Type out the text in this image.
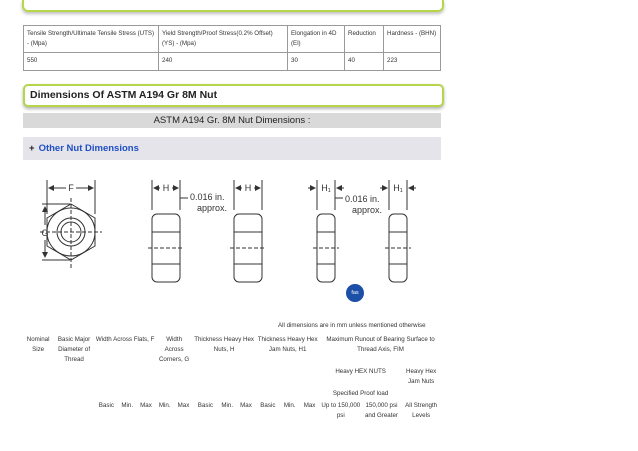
Tensile Strength/Ultimate Tensile Stress (UTS) - (Mpa)	Yield Strength/Proof Stress(0.2% Offset) (YS) - (Mpa)	Elongation in 4D (El)	Reduction	Hardness - (BHN)
550	240	30	40	223
Dimensions Of ASTM A194 Gr 8M Nut
ASTM A194 Gr. 8M Nut Dimensions :
+ Other Nut Dimensions
F
G
H	H
0.016 in.
approx.
H₁	H₁
0.016 in.
approx.
fas
All dimensions are in mm unless mentioned otherwise
Nominal Size	Basic Major Diameter of Thread	Width Across Flats, F			Width Across Corners, G		Thickness Heavy Hex Nuts, H			Thickness Heavy Hex Jam Nuts, H1			Maximum Runout of Bearing Surface to Thread Axis, FIM		
													Heavy HEX NUTS		Heavy Hex Jam Nuts
													Specified Proof load		
		Basic	Min.	Max	Min.	Max	Basic	Min.	Max	Basic	Min.	Max	Up to 150,000 psi	150,000 psi and Greater	All Strength Levels
